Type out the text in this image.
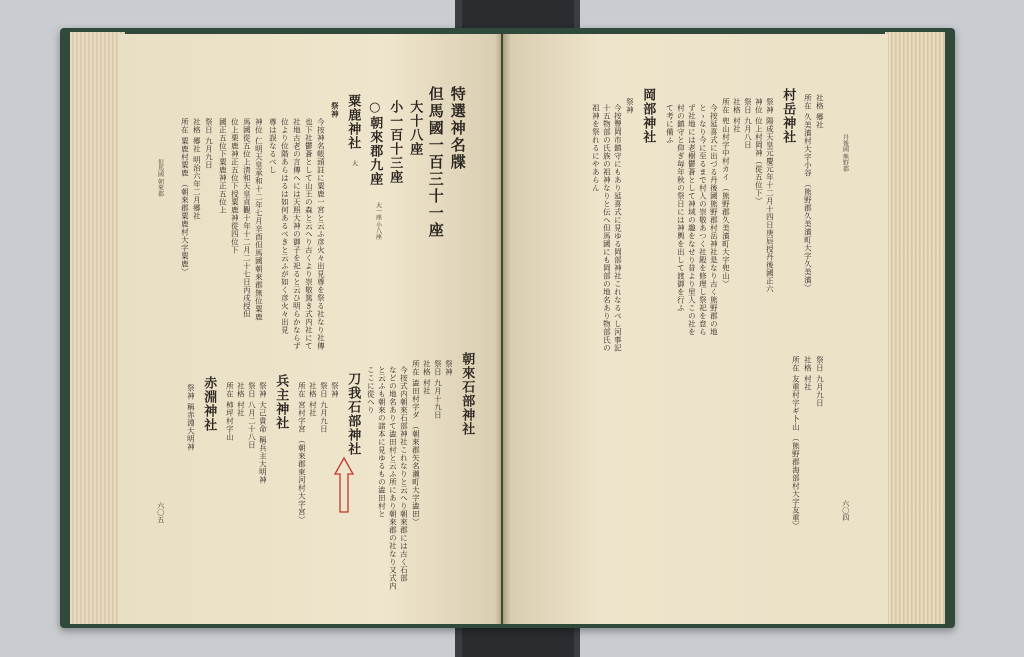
但馬國 朝來郡
六〇五
所在 粟鹿村粟鹿 （朝來郡粟鹿村大字粟鹿） 社格 郷社 明治六年二月郷社 祭日 九月九日 國正五位下粟鹿神正五位上 位上栗鹿神正五位下授粟鹿神從四位下 馬國從五位上清和天皇貞觀十年十二月二十七日丙戌授但 神位 仁明天皇承和十二年七月辛酉但馬國朝來郡無位粟鹿 尊は誤なるべし 位より位階あらはるは如何あるべきと云ふが如く彦火々出見 社地古老の言傳へには天照大神の御子を祀ると云ひ明らかならず 也下社鬱蒼として山王の森と云へり古くより崇敬篤き式内社にて 今按神名帳頭註に粟鹿一宮と云ふ彦火々出見尊を祭る社なり社傳
祭神 粟鹿神社
大 ○朝來郡九座
大一座 小八座
小一百十三座 大十八座 但馬國一百三十一座 特選神名牒
朝來石部神社
祭神
祭日 九月十九日
社格 村社
所在 澁田村字ダ （朝來郡矢名瀨町大字澁田）
今按式内朝來石部神社これなりと云へり朝來郡には古く石部
などの地名ありて澁田村と云ふ所にあり朝來郡の社なり又式内
と云ふも朝來の諸本に見ゆるもの澁田村と
ここに從へり
刀我石部神社
祭神
祭日 九月九日
社格 村社
所在 宮村字宮 （朝來郡東河村大字宮）
兵主神社
祭神 大己貴命 稱兵主大明神
祭日 八月二十八日
社格 村社
所在 柿坪村字山
赤淵神社
祭神 稱赤淵大明神
丹後國 熊野郡
六〇四
社格 郷社
所在 久美濱村大字小谷 （熊野郡久美濱町大字久美濱）
村岳神社
祭神 陽成天皇元慶元年十二月十四日庚辰授丹後國正六
神位 位上村岡神（從五位下）
祭日 九月八日
社格 村社
所在 兜山村字中村カイ （熊野郡久美濱町大字兜山）
今按延喜式に出づる丹後國熊野郡村岳神社是なり古く熊野郡の地
とゝなり今に至るまで村人の崇敬あつく社殿を修理し祭祀を怠ら
ず社地には老樹鬱蒼として神域の趣をなせり昔より里人この社を
村の鎮守と仰ぎ毎年秋の祭日には神輿を出して渡御を行ふ
て考に備ふ
岡部神社
祭神
今按豐岡市鎮守にもあり延喜式に見ゆる岡部神社これなるべし河事記
十五物部の氏族の祖神なりと伝へ但馬國にも岡部の地名あり物部氏の
祖神を祭れるにやあらん
祭日 九月九日
社格 村社
所在 友重村字ギ卜山 （熊野郡海部村大字友重）
